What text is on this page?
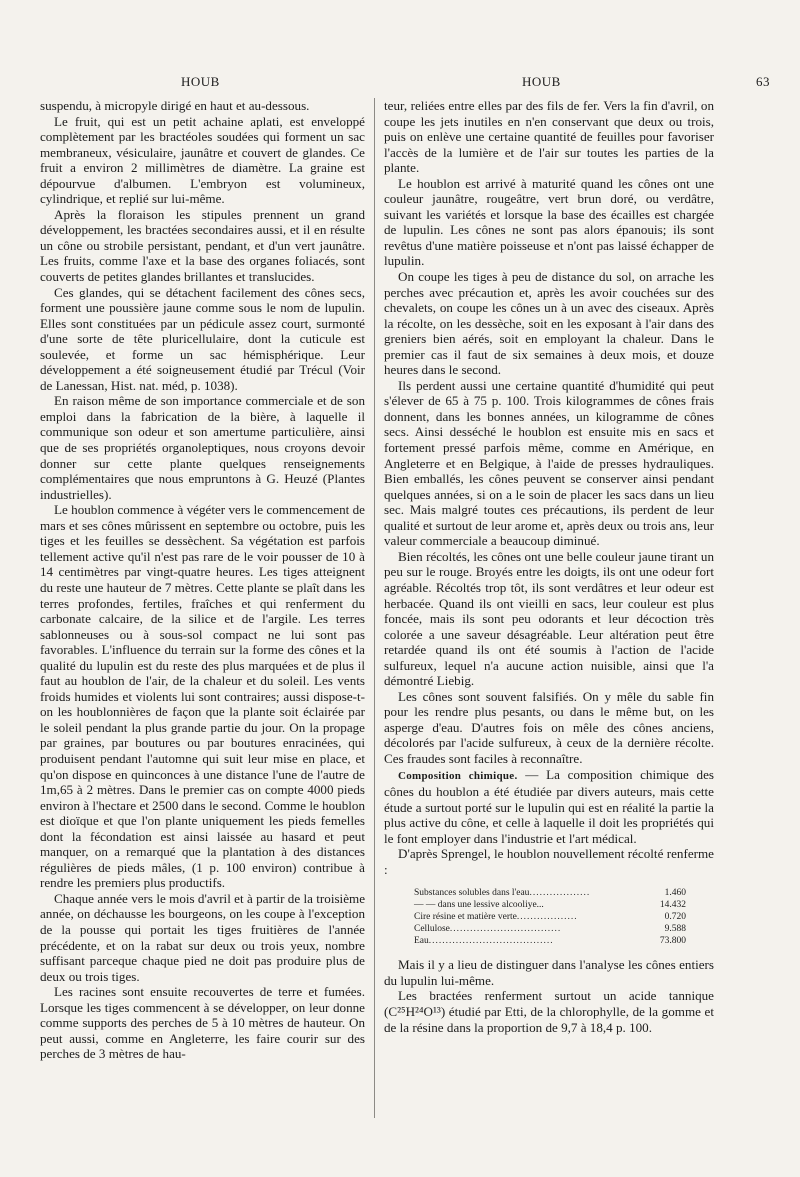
HOUB	HOUB	63

suspendu, à micropyle dirigé en haut et au-dessous.

Le fruit, qui est un petit achaine aplati, est enveloppé complètement par les bractéoles soudées qui forment un sac membraneux, vésiculaire, jaunâtre et couvert de glandes. Ce fruit a environ 2 millimètres de diamètre. La graine est dépourvue d'albumen. L'embryon est volumineux, cylindrique, et replié sur lui-même.

Après la floraison les stipules prennent un grand développement, les bractées secondaires aussi, et il en résulte un cône ou strobile persistant, pendant, et d'un vert jaunâtre. Les fruits, comme l'axe et la base des organes foliacés, sont couverts de petites glandes brillantes et translucides.

Ces glandes, qui se détachent facilement des cônes secs, forment une poussière jaune comme sous le nom de lupulin. Elles sont constituées par un pédicule assez court, surmonté d'une sorte de tête pluricellulaire, dont la cuticule est soulevée, et forme un sac hémisphérique. Leur développement a été soigneusement étudié par Trécul (Voir de Lanessan, Hist. nat. méd, p. 1038).

En raison même de son importance commerciale et de son emploi dans la fabrication de la bière, à laquelle il communique son odeur et son amertume particulière, ainsi que de ses propriétés organoleptiques, nous croyons devoir donner sur cette plante quelques renseignements complémentaires que nous empruntons à G. Heuzé (Plantes industrielles).

Le houblon commence à végéter vers le commencement de mars et ses cônes mûrissent en septembre ou octobre, puis les tiges et les feuilles se dessèchent. Sa végétation est parfois tellement active qu'il n'est pas rare de le voir pousser de 10 à 14 centimètres par vingt-quatre heures. Les tiges atteignent du reste une hauteur de 7 mètres. Cette plante se plaît dans les terres profondes, fertiles, fraîches et qui renferment du carbonate calcaire, de la silice et de l'argile. Les terres sablonneuses ou à sous-sol compact ne lui sont pas favorables. L'influence du terrain sur la forme des cônes et la qualité du lupulin est du reste des plus marquées et de plus il faut au houblon de l'air, de la chaleur et du soleil. Les vents froids humides et violents lui sont contraires; aussi dispose-t-on les houblonnières de façon que la plante soit éclairée par le soleil pendant la plus grande partie du jour. On la propage par graines, par boutures ou par boutures enracinées, qui produisent pendant l'automne qui suit leur mise en place, et qu'on dispose en quinconces à une distance l'une de l'autre de 1m,65 à 2 mètres. Dans le premier cas on compte 4000 pieds environ à l'hectare et 2500 dans le second. Comme le houblon est dioïque et que l'on plante uniquement les pieds femelles dont la fécondation est ainsi laissée au hasard et peut manquer, on a remarqué que la plantation à des distances régulières de pieds mâles, (1 p. 100 environ) contribue à rendre les premiers plus productifs.

Chaque année vers le mois d'avril et à partir de la troisième année, on déchausse les bourgeons, on les coupe à l'exception de la pousse qui portait les tiges fruitières de l'année précédente, et on la rabat sur deux ou trois yeux, nombre suffisant parceque chaque pied ne doit pas produire plus de deux ou trois tiges.

Les racines sont ensuite recouvertes de terre et fumées. Lorsque les tiges commencent à se développer, on leur donne comme supports des perches de 5 à 10 mètres de hauteur. On peut aussi, comme en Angleterre, les faire courir sur des perches de 3 mètres de hau-

teur, reliées entre elles par des fils de fer. Vers la fin d'avril, on coupe les jets inutiles en n'en conservant que deux ou trois, puis on enlève une certaine quantité de feuilles pour favoriser l'accès de la lumière et de l'air sur toutes les parties de la plante.

Le houblon est arrivé à maturité quand les cônes ont une couleur jaunâtre, rougeâtre, vert brun doré, ou verdâtre, suivant les variétés et lorsque la base des écailles est chargée de lupulin. Les cônes ne sont pas alors épanouis; ils sont revêtus d'une matière poisseuse et n'ont pas laissé échapper de lupulin.

On coupe les tiges à peu de distance du sol, on arrache les perches avec précaution et, après les avoir couchées sur des chevalets, on coupe les cônes un à un avec des ciseaux. Après la récolte, on les dessèche, soit en les exposant à l'air dans des greniers bien aérés, soit en employant la chaleur. Dans le premier cas il faut de six semaines à deux mois, et douze heures dans le second.

Ils perdent aussi une certaine quantité d'humidité qui peut s'élever de 65 à 75 p. 100. Trois kilogrammes de cônes frais donnent, dans les bonnes années, un kilogramme de cônes secs. Ainsi desséché le houblon est ensuite mis en sacs et fortement pressé parfois même, comme en Amérique, en Angleterre et en Belgique, à l'aide de presses hydrauliques. Bien emballés, les cônes peuvent se conserver ainsi pendant quelques années, si on a le soin de placer les sacs dans un lieu sec. Mais malgré toutes ces précautions, ils perdent de leur qualité et surtout de leur arome et, après deux ou trois ans, leur valeur commerciale a beaucoup diminué.

Bien récoltés, les cônes ont une belle couleur jaune tirant un peu sur le rouge. Broyés entre les doigts, ils ont une odeur fort agréable. Récoltés trop tôt, ils sont verdâtres et leur odeur est herbacée. Quand ils ont vieilli en sacs, leur couleur est plus foncée, mais ils sont peu odorants et leur décoction très colorée a une saveur désagréable. Leur altération peut être retardée quand ils ont été soumis à l'action de l'acide sulfureux, lequel n'a aucune action nuisible, ainsi que l'a démontré Liebig.

Les cônes sont souvent falsifiés. On y mêle du sable fin pour les rendre plus pesants, ou dans le même but, on les asperge d'eau. D'autres fois on mêle des cônes anciens, décolorés par l'acide sulfureux, à ceux de la dernière récolte. Ces fraudes sont faciles à reconnaître.

Composition chimique. — La composition chimique des cônes du houblon a été étudiée par divers auteurs, mais cette étude a surtout porté sur le lupulin qui est en réalité la partie la plus active du cône, et celle à laquelle il doit les propriétés qui le font employer dans l'industrie et l'art médical.

D'après Sprengel, le houblon nouvellement récolté renferme :

Substances solubles dans l'eau..................	1.460
— — dans une lessive alcooliye...	14.432
Cire résine et matière verte..................	0.720
Cellulose.................................	9.588
Eau.....................................	73.800

Mais il y a lieu de distinguer dans l'analyse les cônes entiers du lupulin lui-même.

Les bractées renferment surtout un acide tannique (C²⁵H²⁴O¹³) étudié par Etti, de la chlorophylle, de la gomme et de la résine dans la proportion de 9,7 à 18,4 p. 100.
